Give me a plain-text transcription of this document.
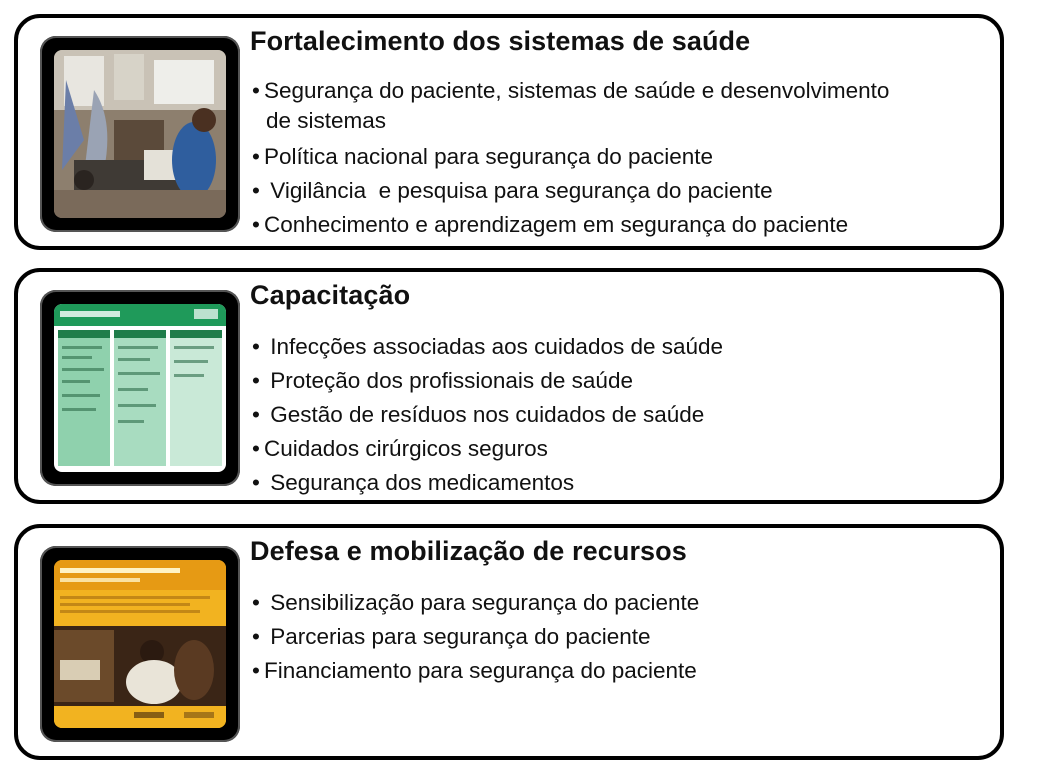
Fortalecimento dos sistemas de saúde
• Segurança do paciente, sistemas de saúde e desenvolvimento
de sistemas
• Política nacional para segurança do paciente
• Vigilância  e pesquisa para segurança do paciente
• Conhecimento e aprendizagem em segurança do paciente
Capacitação
• Infecções associadas aos cuidados de saúde
• Proteção dos profissionais de saúde
• Gestão de resíduos nos cuidados de saúde
• Cuidados cirúrgicos seguros
• Segurança dos medicamentos
Defesa e mobilização de recursos
• Sensibilização para segurança do paciente
• Parcerias para segurança do paciente
• Financiamento para segurança do paciente
